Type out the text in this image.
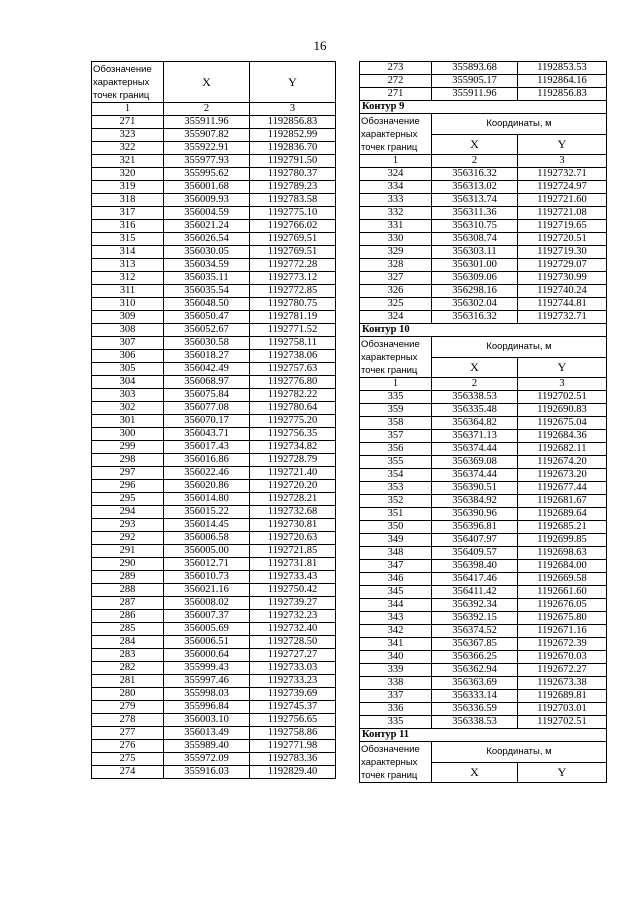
16
Обозначение
характерных
точек границ	X	Y
1	2	3
271	355911.96	1192856.83
323	355907.82	1192852.99
322	355922.91	1192836.70
321	355977.93	1192791.50
320	355995.62	1192780.37
319	356001.68	1192789.23
318	356009.93	1192783.58
317	356004.59	1192775.10
316	356021.24	1192766.02
315	356026.54	1192769.51
314	356030.05	1192769.51
313	356034.59	1192772.28
312	356035.11	1192773.12
311	356035.54	1192772.85
310	356048.50	1192780.75
309	356050.47	1192781.19
308	356052.67	1192771.52
307	356030.58	1192758.11
306	356018.27	1192738.06
305	356042.49	1192757.63
304	356068.97	1192776.80
303	356075.84	1192782.22
302	356077.08	1192780.64
301	356070.17	1192775.20
300	356043.71	1192756.35
299	356017.43	1192734.82
298	356016.86	1192728.79
297	356022.46	1192721.40
296	356020.86	1192720.20
295	356014.80	1192728.21
294	356015.22	1192732.68
293	356014.45	1192730.81
292	356006.58	1192720.63
291	356005.00	1192721.85
290	356012.71	1192731.81
289	356010.73	1192733.43
288	356021.16	1192750.42
287	356008.02	1192739.27
286	356007.37	1192732.23
285	356005.69	1192732.40
284	356006.51	1192728.50
283	356000.64	1192727.27
282	355999.43	1192733.03
281	355997.46	1192733.23
280	355998.03	1192739.69
279	355996.84	1192745.37
278	356003.10	1192756.65
277	356013.49	1192758.86
276	355989.40	1192771.98
275	355972.09	1192783.36
274	355916.03	1192829.40
273	355893.68	1192853.53
272	355905.17	1192864.16
271	355911.96	1192856.83
Контур 9		
Обозначение
характерных
точек границ	Координаты, м	
	X	Y
1	2	3
324	356316.32	1192732.71
334	356313.02	1192724.97
333	356313.74	1192721.60
332	356311.36	1192721.08
331	356310.75	1192719.65
330	356308.74	1192720.51
329	356303.11	1192719.30
328	356301.00	1192729.07
327	356309.06	1192730.99
326	356298.16	1192740.24
325	356302.04	1192744.81
324	356316.32	1192732.71
Контур 10		
Обозначение
характерных
точек границ	Координаты, м	
	X	Y
1	2	3
335	356338.53	1192702.51
359	356335.48	1192690.83
358	356364.82	1192675.04
357	356371.13	1192684.36
356	356374.44	1192682.11
355	356369.08	1192674.20
354	356374.44	1192673.20
353	356390.51	1192677.44
352	356384.92	1192681.67
351	356390.96	1192689.64
350	356396.81	1192685.21
349	356407.97	1192699.85
348	356409.57	1192698.63
347	356398.40	1192684.00
346	356417.46	1192669.58
345	356411.42	1192661.60
344	356392.34	1192676.05
343	356392.15	1192675.80
342	356374.52	1192671.16
341	356367.85	1192672.39
340	356366.25	1192670.03
339	356362.94	1192672.27
338	356363.69	1192673.38
337	356333.14	1192689.81
336	356336.59	1192703.01
335	356338.53	1192702.51
Контур 11		
Обозначение
характерных
точек границ	Координаты, м	
	X	Y
